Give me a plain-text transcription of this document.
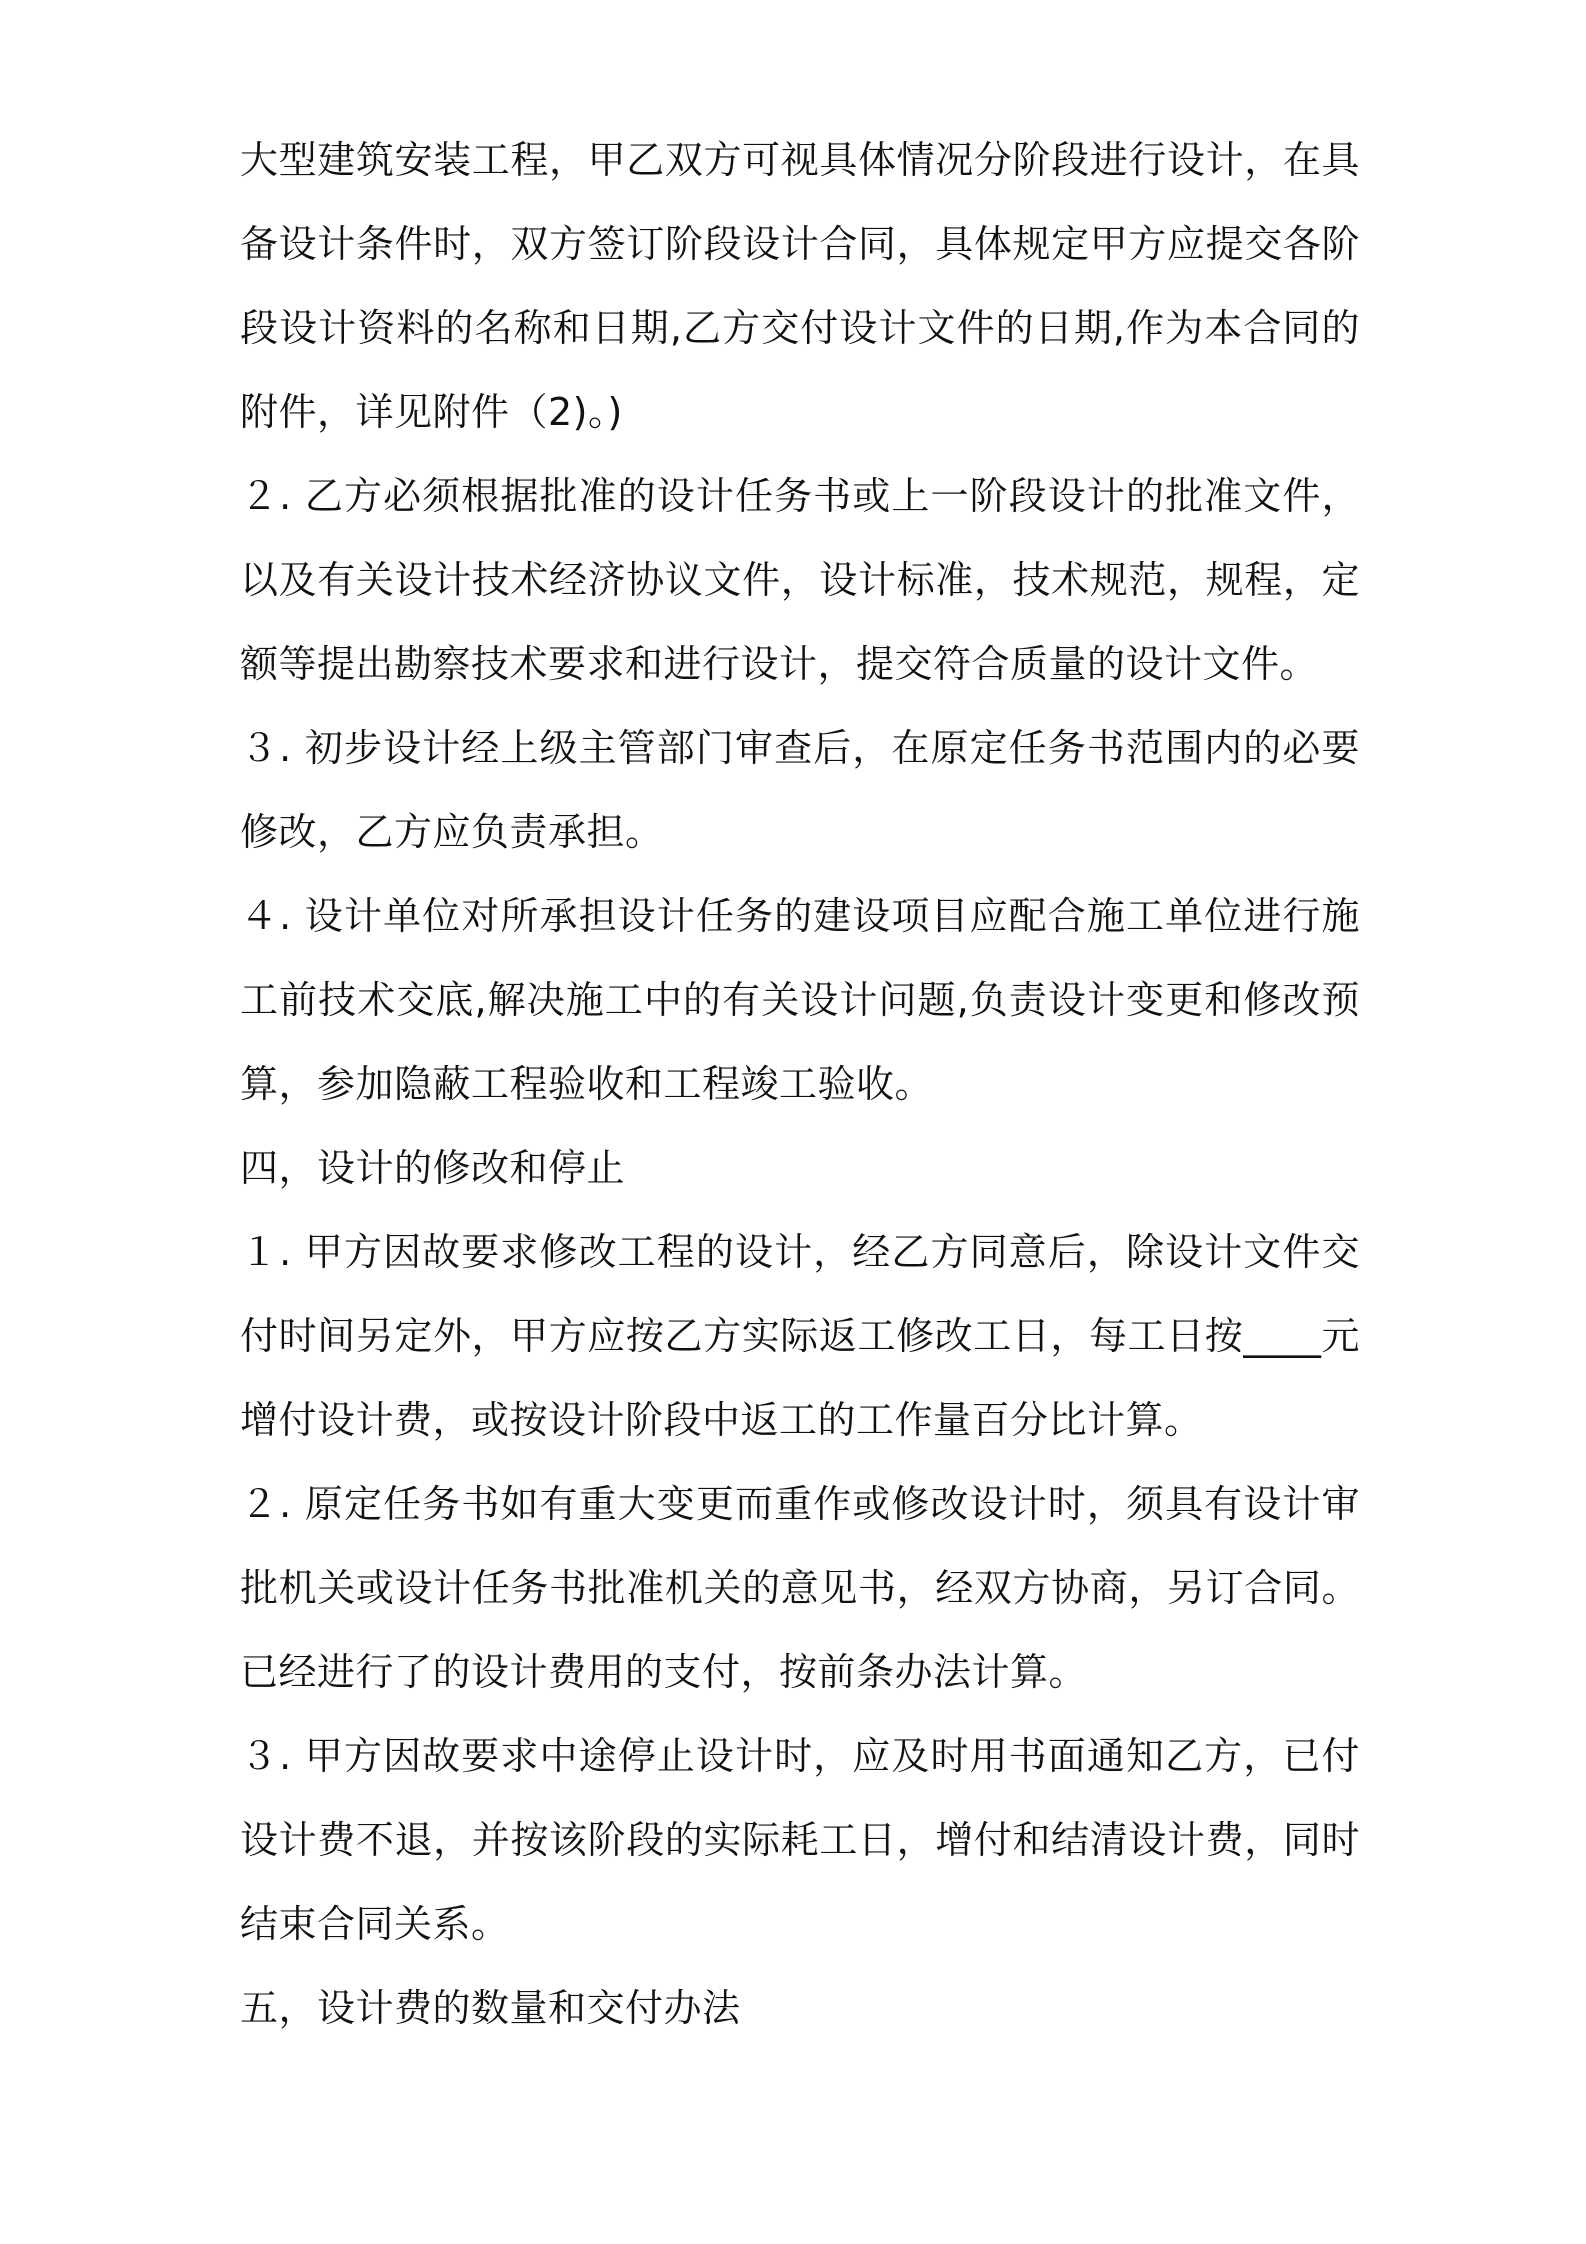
大型建筑安装工程，甲乙双方可视具体情况分阶段进行设计，在具备设计条件时，双方签订阶段设计合同，具体规定甲方应提交各阶段设计资料的名称和日期,乙方交付设计文件的日期,作为本合同的附件，详见附件（2)。)

２. 乙方必须根据批准的设计任务书或上一阶段设计的批准文件，以及有关设计技术经济协议文件，设计标准，技术规范，规程，定额等提出勘察技术要求和进行设计，提交符合质量的设计文件。

３. 初步设计经上级主管部门审查后，在原定任务书范围内的必要修改，乙方应负责承担。

４. 设计单位对所承担设计任务的建设项目应配合施工单位进行施工前技术交底,解决施工中的有关设计问题,负责设计变更和修改预算，参加隐蔽工程验收和工程竣工验收。

四，设计的修改和停止

１. 甲方因故要求修改工程的设计，经乙方同意后，除设计文件交付时间另定外，甲方应按乙方实际返工修改工日，每工日按____元增付设计费，或按设计阶段中返工的工作量百分比计算。

２. 原定任务书如有重大变更而重作或修改设计时，须具有设计审批机关或设计任务书批准机关的意见书，经双方协商，另订合同。已经进行了的设计费用的支付，按前条办法计算。

３. 甲方因故要求中途停止设计时，应及时用书面通知乙方，已付设计费不退，并按该阶段的实际耗工日，增付和结清设计费，同时结束合同关系。

五，设计费的数量和交付办法
